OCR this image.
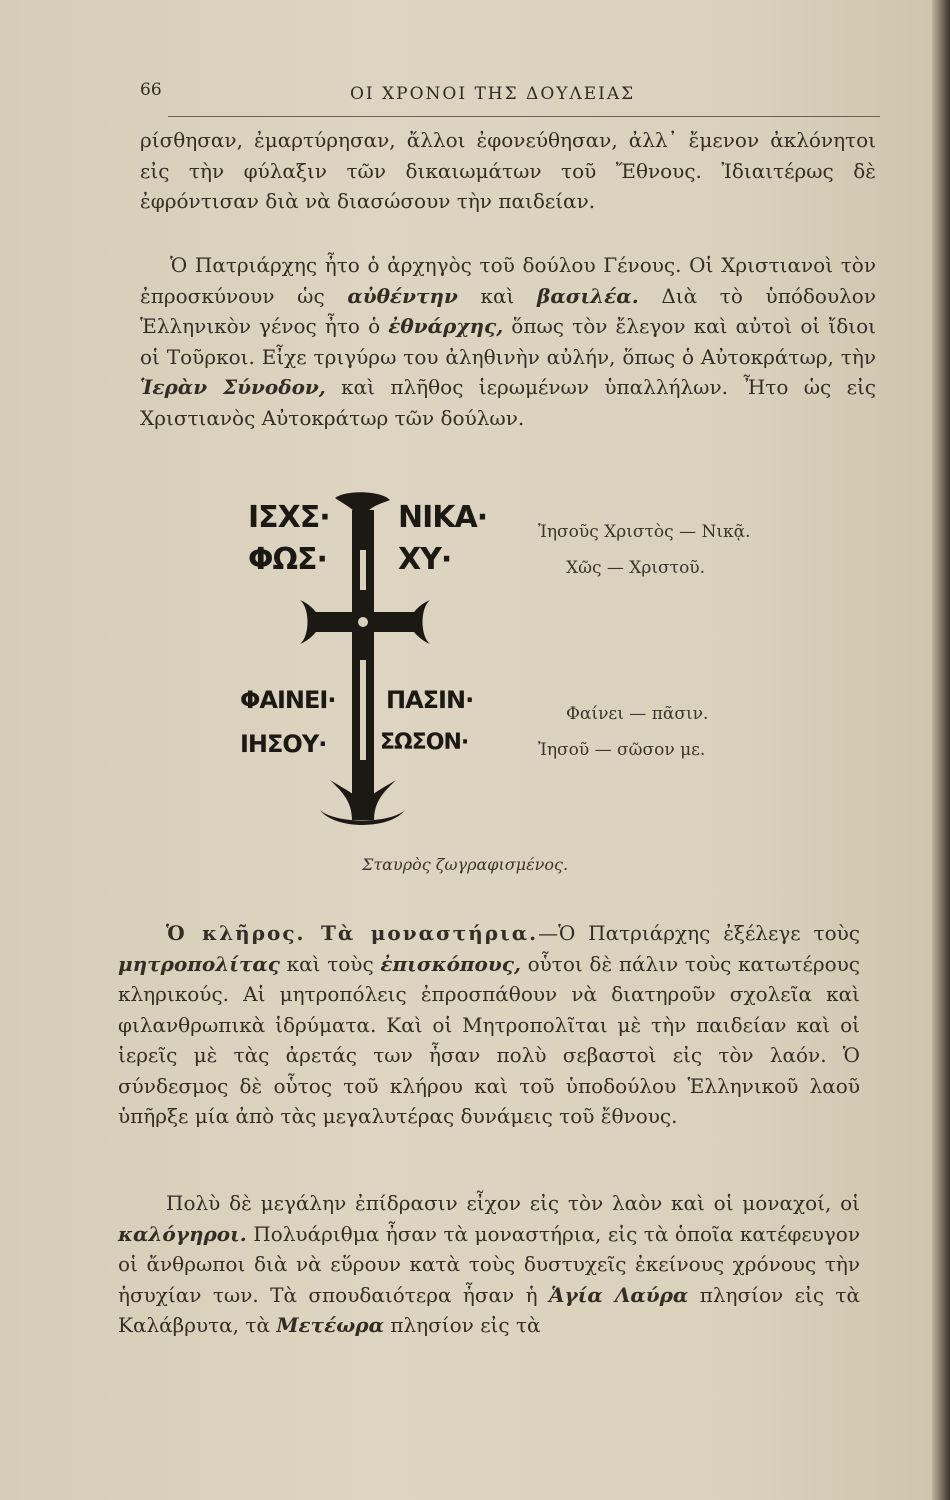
66	ΟΙ ΧΡΟΝΟΙ ΤΗΣ ΔΟΥΛΕΙΑΣ

ρίσθησαν, ἐμαρτύρησαν, ἄλλοι ἐφονεύθησαν, ἀλλ᾽ ἔμενον ἀκλόνητοι εἰς τὴν φύλαξιν τῶν δικαιωμάτων τοῦ Ἔθνους. Ἰδιαιτέρως δὲ ἐφρόντισαν διὰ νὰ διασώσουν τὴν παιδείαν.

Ὁ Πατριάρχης ἦτο ὁ ἀρχηγὸς τοῦ δούλου Γένους. Οἱ Χριστιανοὶ τὸν ἐπροσκύνουν ὡς αὐθέντην καὶ βασιλέα. Διὰ τὸ ὑπόδουλον Ἑλληνικὸν γένος ἦτο ὁ ἐθνάρχης, ὅπως τὸν ἔλεγον καὶ αὐτοὶ οἱ ἴδιοι οἱ Τοῦρκοι. Εἶχε τριγύρω του ἀληθινὴν αὐλήν, ὅπως ὁ Αὐτοκράτωρ, τὴν Ἱερὰν Σύνοδον, καὶ πλῆθος ἱερωμένων ὑπαλλήλων. Ἦτο ὡς εἰς Χριστιανὸς Αὐτοκράτωρ τῶν δούλων.

ΙΣΧΣ· ΝΙΚΑ·
ΦΩΣ· ΧΥ·
ΦΑΙΝΕΙ· ΠΑΣΙΝ·
ΙΗΣΟΥ· ΣΩΣΟΝ·
Ἰησοῦς Χριστὸς — Νικᾷ.
Χῶς — Χριστοῦ.
Φαίνει — πᾶσιν.
Ἰησοῦ — σῶσον με.
Σταυρὸς ζωγραφισμένος.

Ὁ κλῆρος. Τὰ μοναστήρια.—Ὁ Πατριάρχης ἐξέλεγε τοὺς μητροπολίτας καὶ τοὺς ἐπισκόπους, οὗτοι δὲ πάλιν τοὺς κατωτέρους κληρικούς. Αἱ μητροπόλεις ἐπροσπάθουν νὰ διατηροῦν σχολεῖα καὶ φιλανθρωπικὰ ἱδρύματα. Καὶ οἱ Μητροπολῖται μὲ τὴν παιδείαν καὶ οἱ ἱερεῖς μὲ τὰς ἀρετάς των ἦσαν πολὺ σεβαστοὶ εἰς τὸν λαόν. Ὁ σύνδεσμος δὲ οὗτος τοῦ κλήρου καὶ τοῦ ὑποδούλου Ἑλληνικοῦ λαοῦ ὑπῆρξε μία ἀπὸ τὰς μεγαλυτέρας δυνάμεις τοῦ ἔθνους.

Πολὺ δὲ μεγάλην ἐπίδρασιν εἶχον εἰς τὸν λαὸν καὶ οἱ μοναχοί, οἱ καλόγηροι. Πολυάριθμα ἦσαν τὰ μοναστήρια, εἰς τὰ ὁποῖα κατέφευγον οἱ ἄνθρωποι διὰ νὰ εὕρουν κατὰ τοὺς δυστυχεῖς ἐκείνους χρόνους τὴν ἡσυχίαν των. Τὰ σπουδαιότερα ἦσαν ἡ Ἁγία Λαύρα πλησίον εἰς τὰ Καλάβρυτα, τὰ Μετέωρα πλησίον εἰς τὰ
